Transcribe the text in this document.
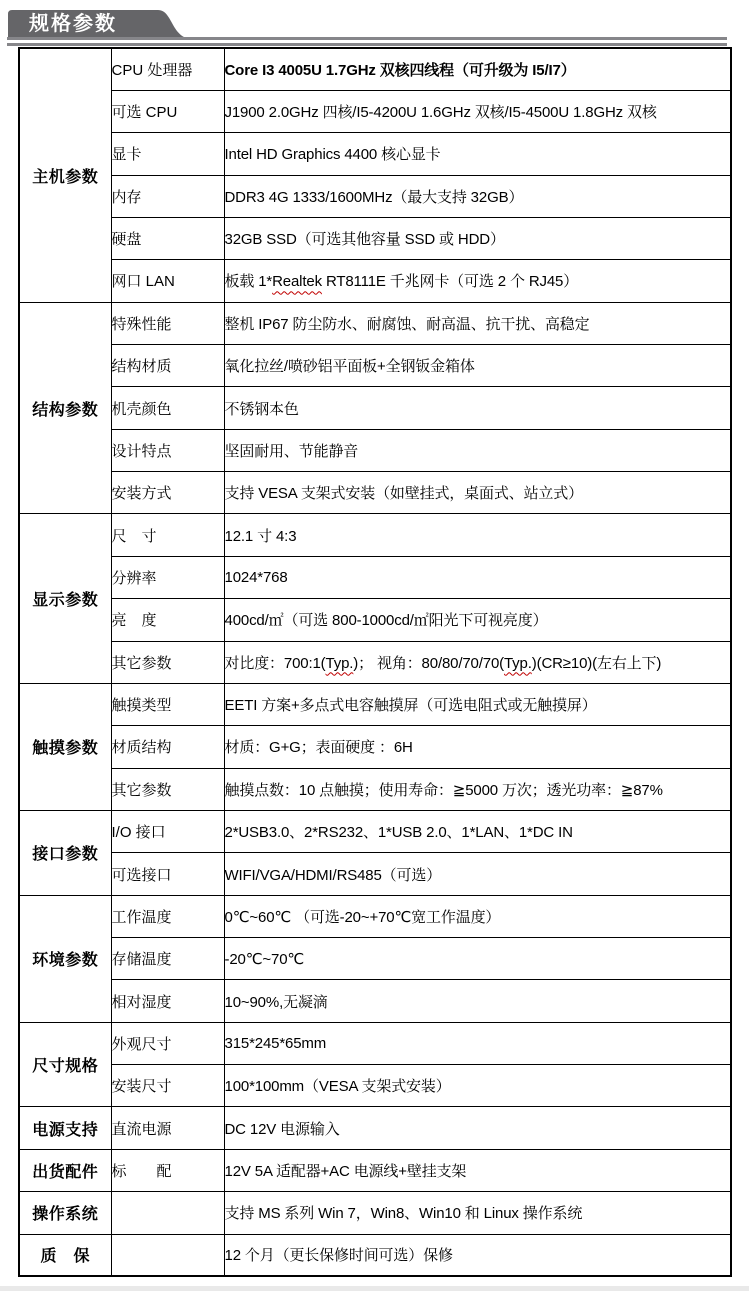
规格参数
主机参数	CPU 处理器	Core I3 4005U 1.7GHz 双核四线程（可升级为 I5/I7）
	可选 CPU	J1900 2.0GHz 四核/I5-4200U 1.6GHz 双核/I5-4500U 1.8GHz 双核
	显卡	Intel HD Graphics 4400 核心显卡
	内存	DDR3 4G 1333/1600MHz（最大支持 32GB）
	硬盘	32GB SSD（可选其他容量 SSD 或 HDD）
	网口 LAN	板载 1*Realtek RT8111E 千兆网卡（可选 2 个 RJ45）
结构参数	特殊性能	整机 IP67 防尘防水、耐腐蚀、耐高温、抗干扰、高稳定
	结构材质	氧化拉丝/喷砂铝平面板+全钢钣金箱体
	机壳颜色	不锈钢本色
	设计特点	坚固耐用、节能静音
	安装方式	支持 VESA 支架式安装（如壁挂式，桌面式、站立式）
显示参数	尺　寸	12.1 寸 4:3
	分辨率	1024*768
	亮　度	400cd/㎡（可选 800-1000cd/㎡阳光下可视亮度）
	其它参数	对比度：700:1(Typ.)； 视角：80/80/70/70(Typ.)(CR≥10)(左右上下)
触摸参数	触摸类型	EETI 方案+多点式电容触摸屏（可选电阻式或无触摸屏）
	材质结构	材质：G+G；表面硬度 ：6H
	其它参数	触摸点数：10 点触摸；使用寿命：≧5000 万次；透光功率：≧87%
接口参数	I/O 接口	2*USB3.0、2*RS232、1*USB 2.0、1*LAN、1*DC IN
	可选接口	WIFI/VGA/HDMI/RS485（可选）
环境参数	工作温度	0℃~60℃ （可选-20~+70℃宽工作温度）
	存储温度	-20℃~70℃
	相对湿度	10~90%,无凝滴
尺寸规格	外观尺寸	315*245*65mm
	安装尺寸	100*100mm（VESA 支架式安装）
电源支持	直流电源	DC 12V 电源输入
出货配件	标　　配	12V 5A 适配器+AC 电源线+壁挂支架
操作系统		支持 MS 系列 Win 7，Win8、Win10 和 Linux 操作系统
质　保		12 个月（更长保修时间可选）保修
